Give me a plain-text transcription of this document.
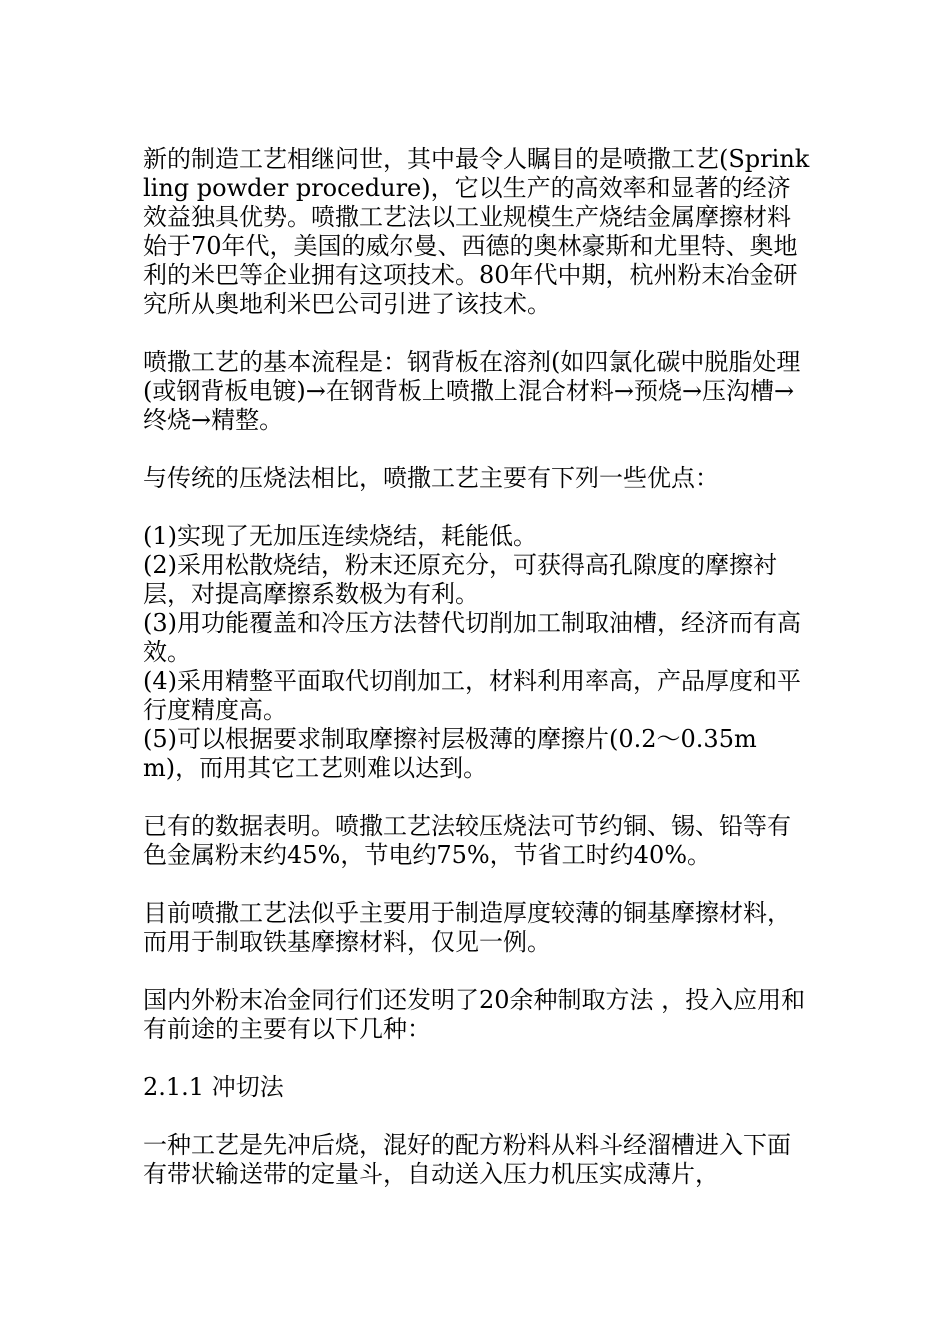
新的制造工艺相继问世，其中最令人瞩目的是喷撒工艺(Sprinkling powder procedure)，它以生产的高效率和显著的经济效益独具优势。喷撒工艺法以工业规模生产烧结金属摩擦材料始于70年代，美国的威尔曼、西德的奥林豪斯和尤里特、奥地利的米巴等企业拥有这项技术。80年代中期，杭州粉末冶金研究所从奥地利米巴公司引进了该技术。

喷撒工艺的基本流程是：钢背板在溶剂(如四氯化碳中脱脂处理(或钢背板电镀)→在钢背板上喷撒上混合材料→预烧→压沟槽→终烧→精整。

与传统的压烧法相比，喷撒工艺主要有下列一些优点：

(1)实现了无加压连续烧结，耗能低。

(2)采用松散烧结，粉末还原充分，可获得高孔隙度的摩擦衬层，对提高摩擦系数极为有利。

(3)用功能覆盖和冷压方法替代切削加工制取油槽，经济而有高效。

(4)采用精整平面取代切削加工，材料利用率高，产品厚度和平行度精度高。

(5)可以根据要求制取摩擦衬层极薄的摩擦片(0.2～0.35mm)，而用其它工艺则难以达到。

已有的数据表明。喷撒工艺法较压烧法可节约铜、锡、铅等有色金属粉末约45%，节电约75%，节省工时约40%。

目前喷撒工艺法似乎主要用于制造厚度较薄的铜基摩擦材料，而用于制取铁基摩擦材料，仅见一例。

国内外粉末冶金同行们还发明了20余种制取方法 ，投入应用和有前途的主要有以下几种：

2.1.1 冲切法

一种工艺是先冲后烧，混好的配方粉料从料斗经溜槽进入下面有带状输送带的定量斗，自动送入压力机压实成薄片，
